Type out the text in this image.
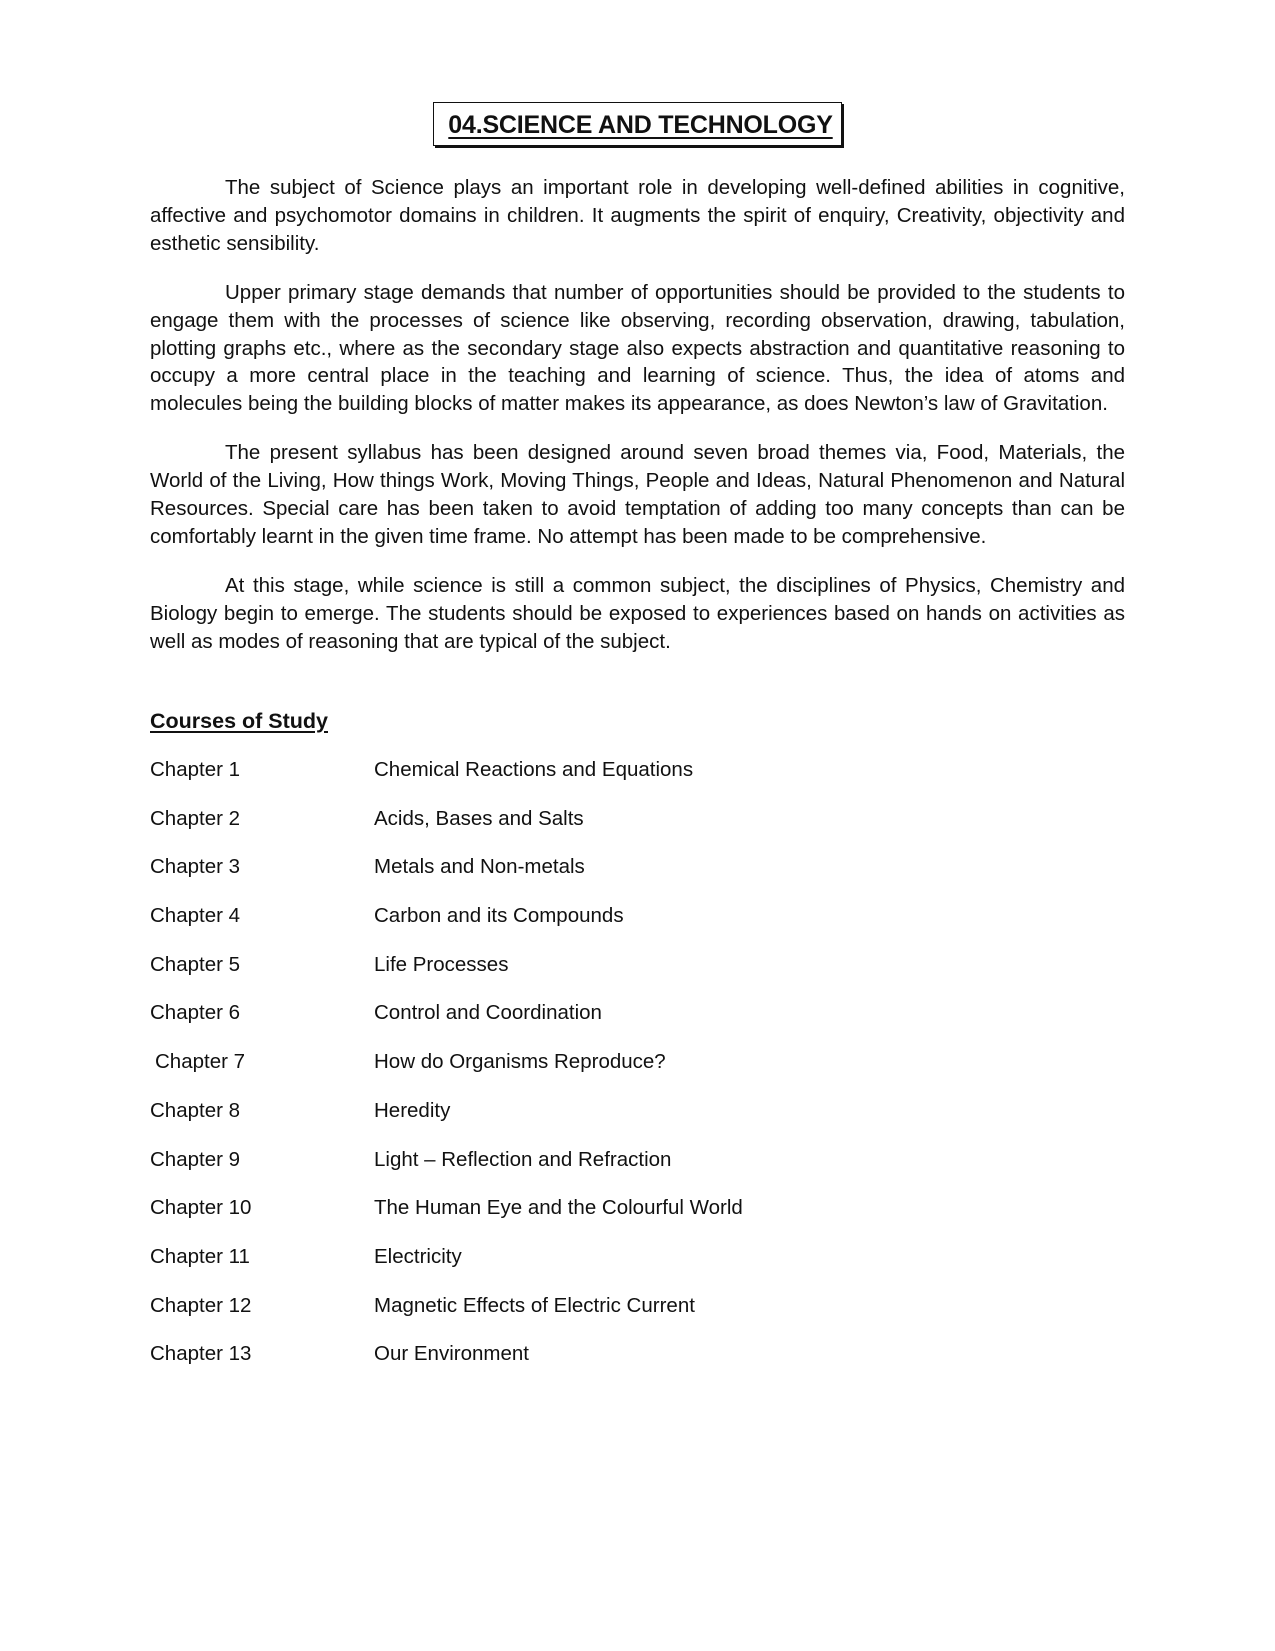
04.SCIENCE AND TECHNOLOGY

The subject of Science plays an important role in developing well-defined abilities in cognitive, affective and psychomotor domains in children. It augments the spirit of enquiry, Creativity, objectivity and esthetic sensibility.

Upper primary stage demands that number of opportunities should be provided to the students to engage them with the processes of science like observing, recording observation, drawing, tabulation, plotting graphs etc., where as the secondary stage also expects abstraction and quantitative reasoning to occupy a more central place in the teaching and learning of science. Thus, the idea of atoms and molecules being the building blocks of matter makes its appearance, as does Newton’s law of Gravitation.

The present syllabus has been designed around seven broad themes via, Food, Materials, the World of the Living, How things Work, Moving Things, People and Ideas, Natural Phenomenon and Natural Resources. Special care has been taken to avoid temptation of adding too many concepts than can be comfortably learnt in the given time frame. No attempt has been made to be comprehensive.

At this stage, while science is still a common subject, the disciplines of Physics, Chemistry and Biology begin to emerge. The students should be exposed to experiences based on hands on activities as well as modes of reasoning that are typical of the subject.

Courses of Study
Chapter 1	Chemical Reactions and Equations
Chapter 2	Acids, Bases and Salts
Chapter 3	Metals and Non-metals
Chapter 4	Carbon and its Compounds
Chapter 5	Life Processes
Chapter 6	Control and Coordination
Chapter 7	How do Organisms Reproduce?
Chapter 8	Heredity
Chapter 9	Light – Reflection and Refraction
Chapter 10	The Human Eye and the Colourful World
Chapter 11	Electricity
Chapter 12	Magnetic Effects of Electric Current
Chapter 13	Our Environment
